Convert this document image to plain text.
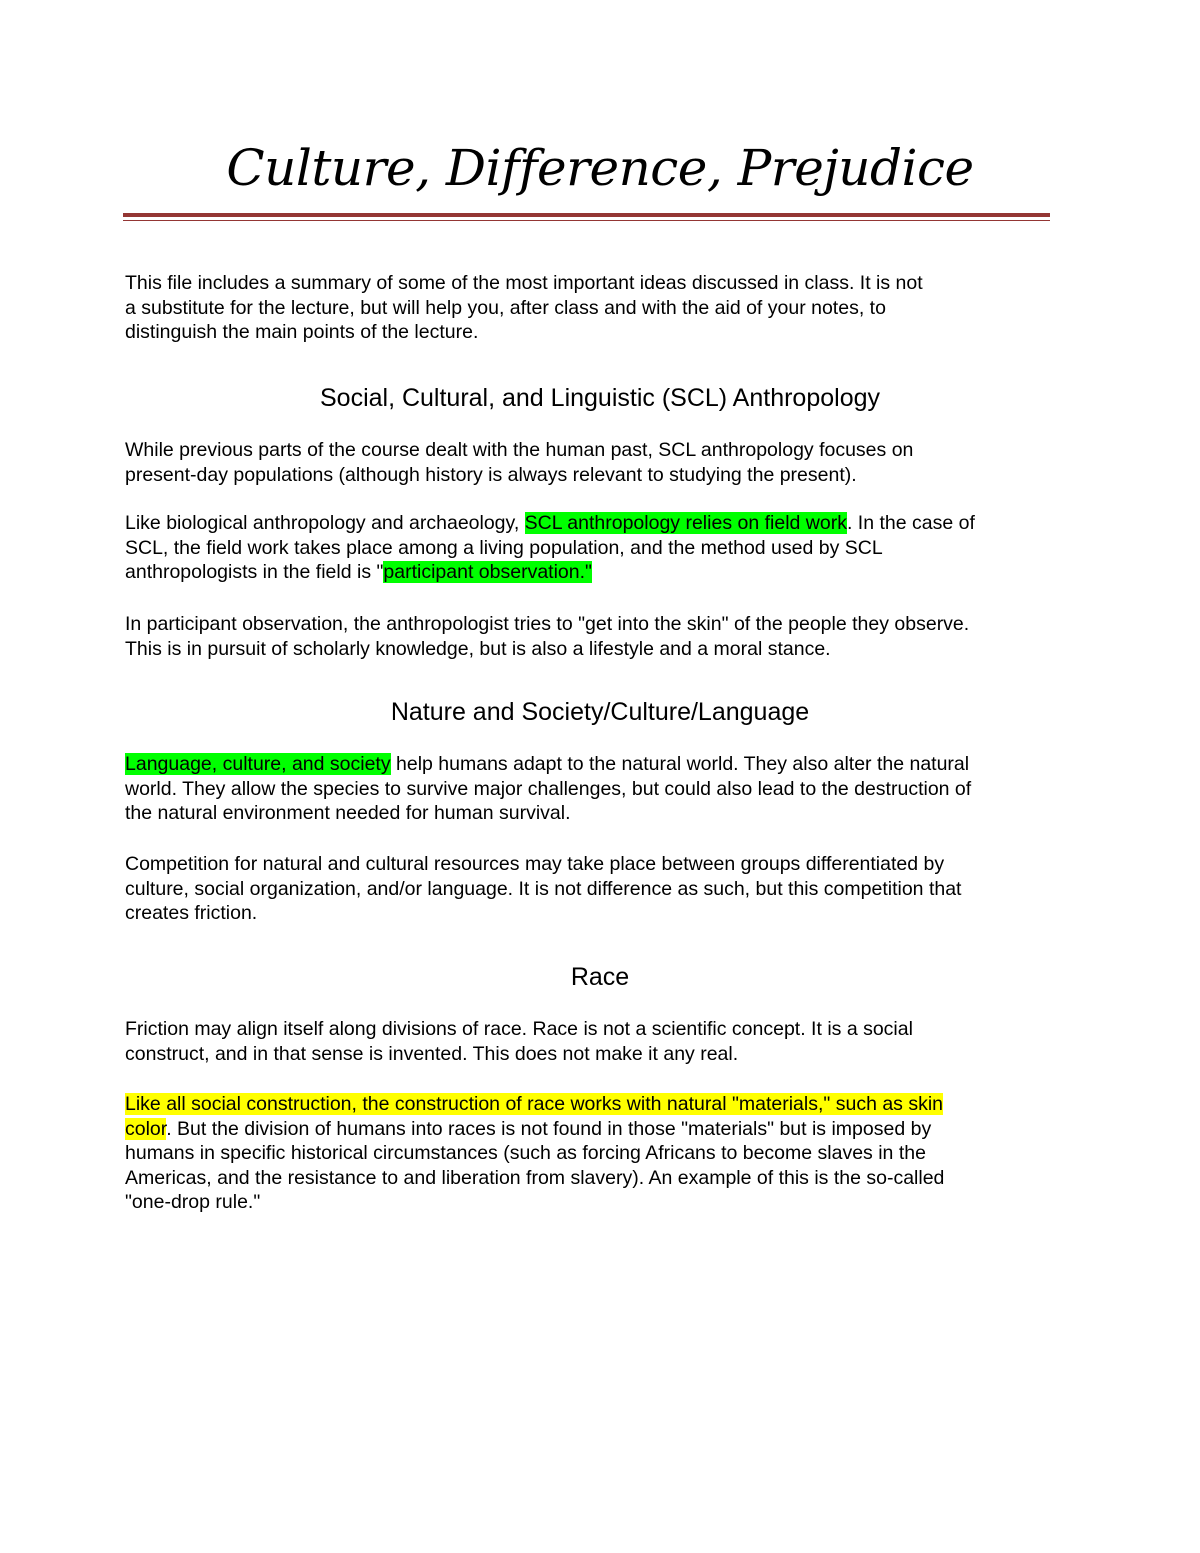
Culture, Difference, Prejudice

This file includes a summary of some of the most important ideas discussed in class. It is not
a substitute for the lecture, but will help you, after class and with the aid of your notes, to
distinguish the main points of the lecture.

Social, Cultural, and Linguistic (SCL) Anthropology

While previous parts of the course dealt with the human past, SCL anthropology focuses on
present-day populations (although history is always relevant to studying the present).

Like biological anthropology and archaeology, SCL anthropology relies on field work. In the case of
SCL, the field work takes place among a living population, and the method used by SCL
anthropologists in the field is "participant observation."

In participant observation, the anthropologist tries to "get into the skin" of the people they observe.
This is in pursuit of scholarly knowledge, but is also a lifestyle and a moral stance.

Nature and Society/Culture/Language

Language, culture, and society help humans adapt to the natural world. They also alter the natural
world. They allow the species to survive major challenges, but could also lead to the destruction of
the natural environment needed for human survival.

Competition for natural and cultural resources may take place between groups differentiated by
culture, social organization, and/or language. It is not difference as such, but this competition that
creates friction.

Race

Friction may align itself along divisions of race. Race is not a scientific concept. It is a social
construct, and in that sense is invented. This does not make it any real.

Like all social construction, the construction of race works with natural "materials," such as skin
color. But the division of humans into races is not found in those "materials" but is imposed by
humans in specific historical circumstances (such as forcing Africans to become slaves in the
Americas, and the resistance to and liberation from slavery). An example of this is the so-called
"one-drop rule."
